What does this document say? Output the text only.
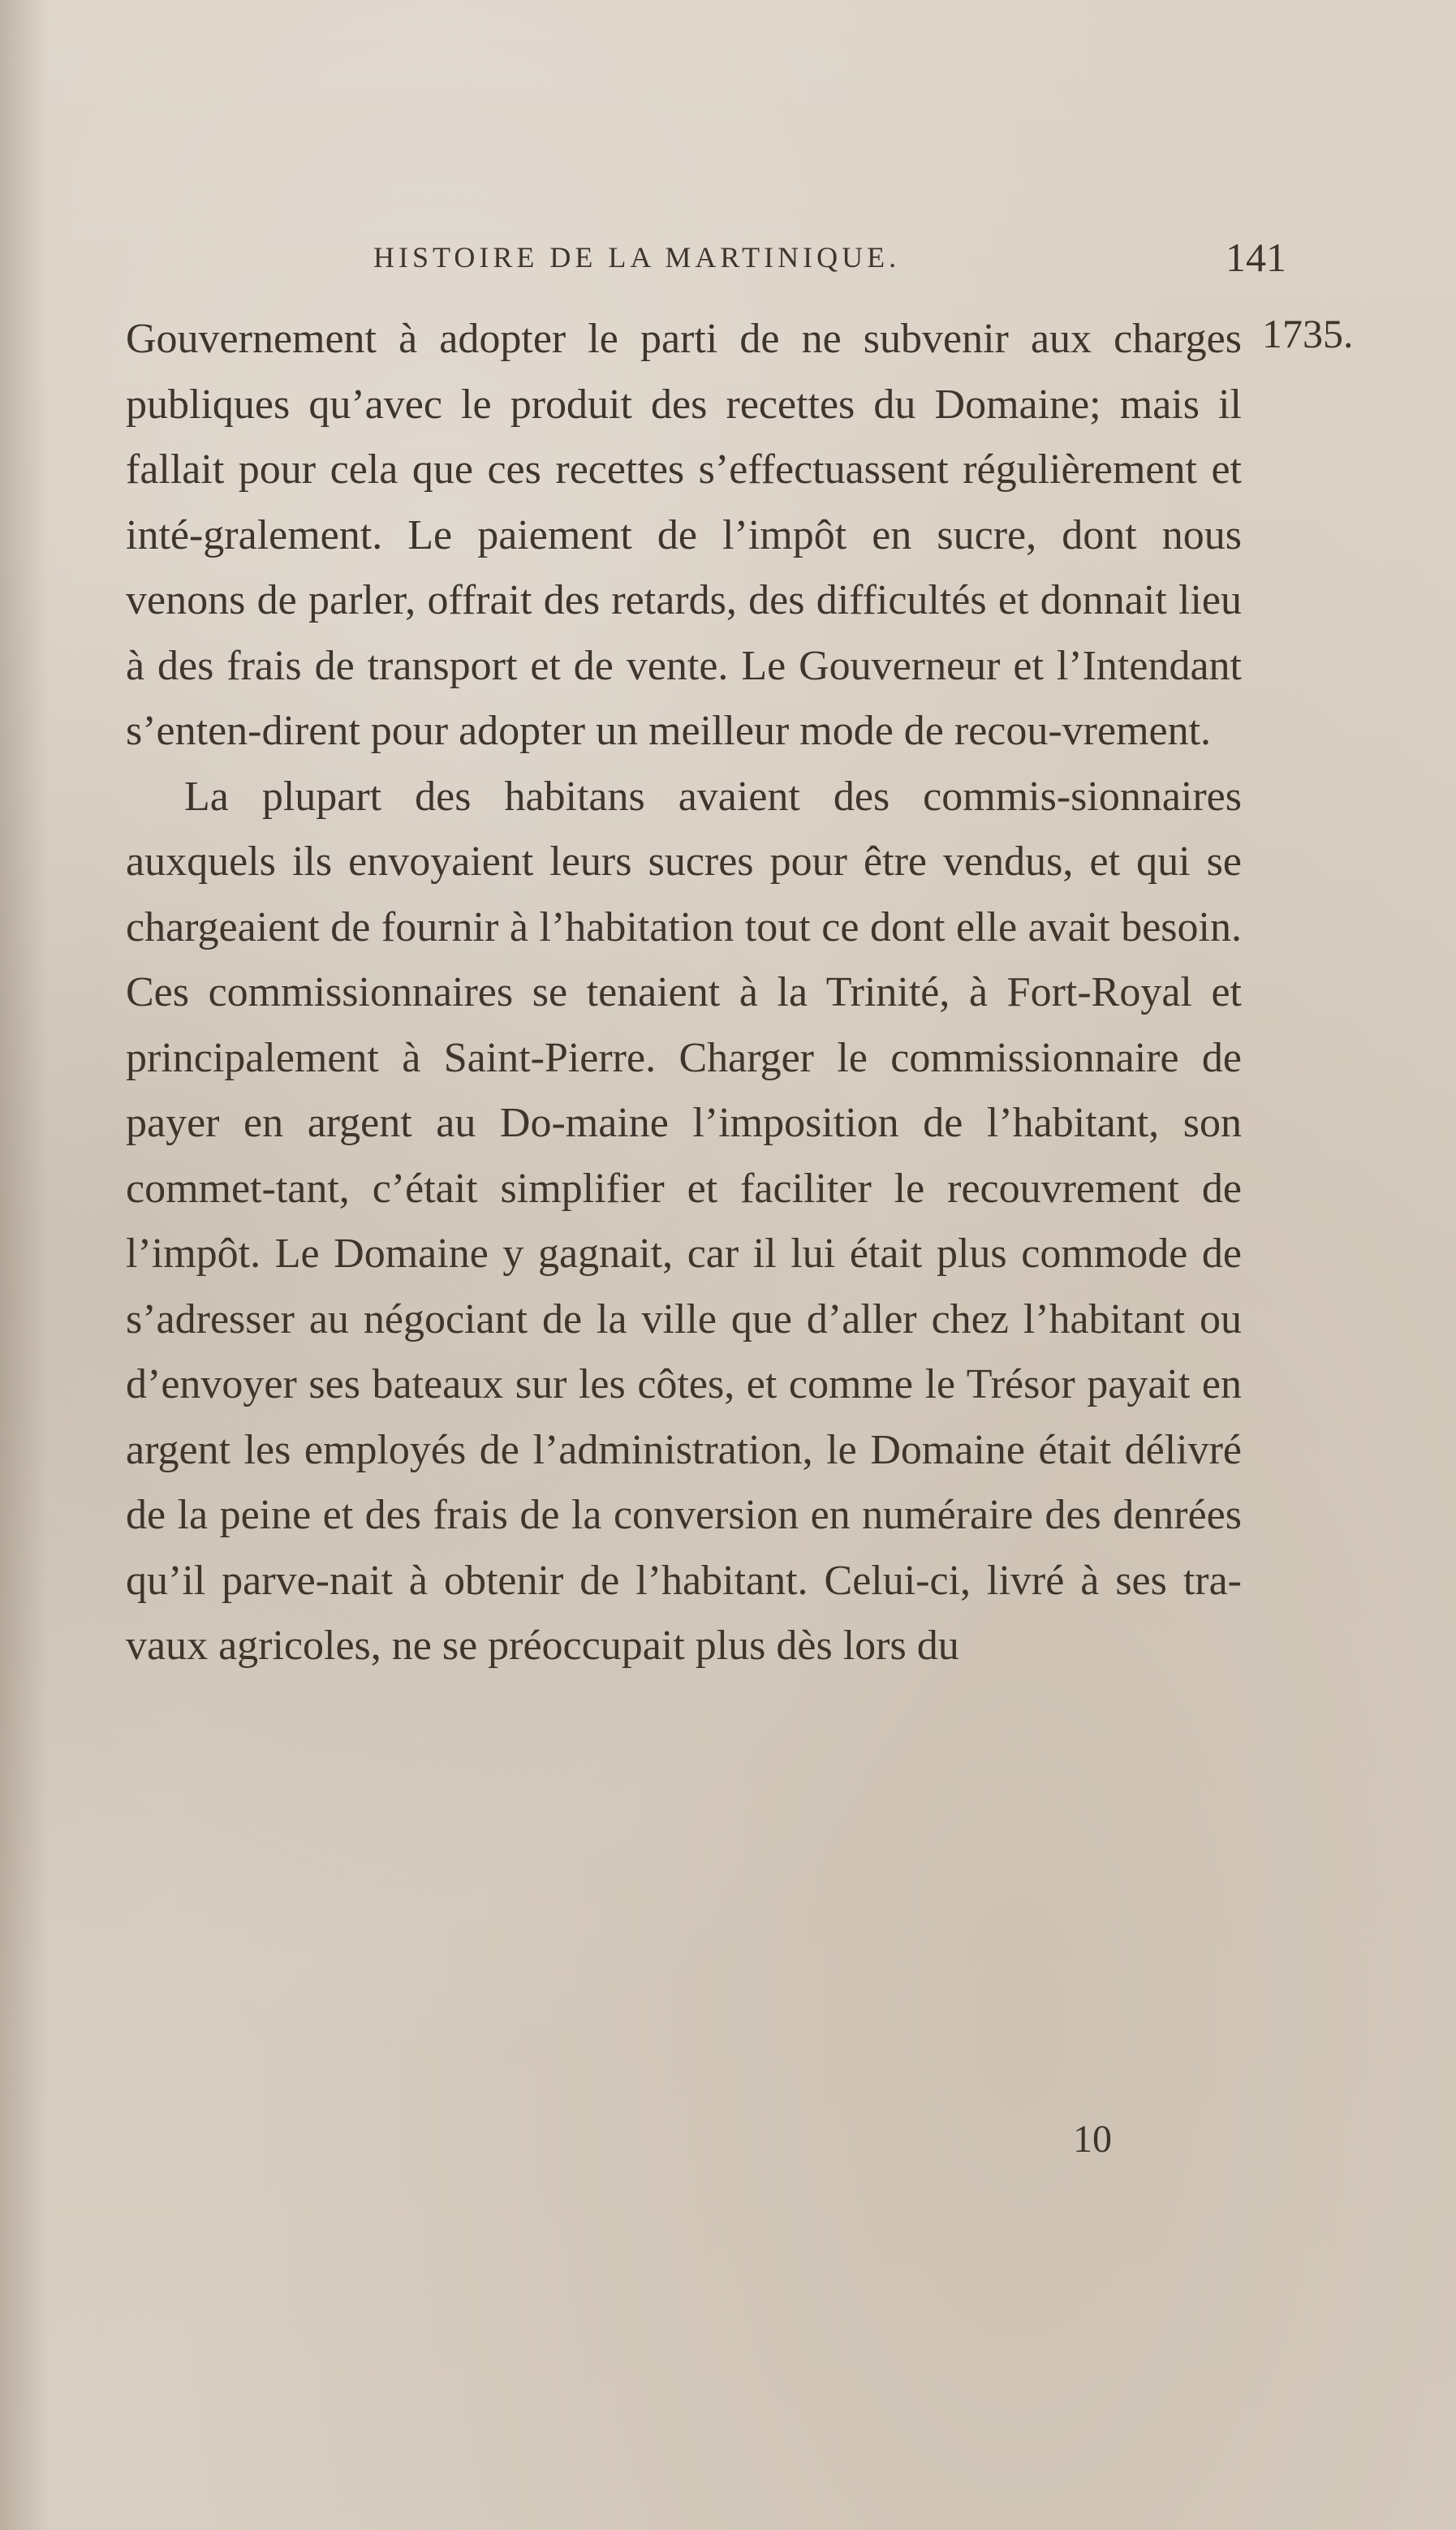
HISTOIRE DE LA MARTINIQUE.	141
1735.

Gouvernement à adopter le parti de ne subvenir aux charges publiques qu’avec le produit des recettes du Domaine; mais il fallait pour cela que ces recettes s’effectuassent régulièrement et inté-gralement. Le paiement de l’impôt en sucre, dont nous venons de parler, offrait des retards, des difficultés et donnait lieu à des frais de transport et de vente. Le Gouverneur et l’Intendant s’enten-dirent pour adopter un meilleur mode de recou-vrement.

La plupart des habitans avaient des commis-sionnaires auxquels ils envoyaient leurs sucres pour être vendus, et qui se chargeaient de fournir à l’habitation tout ce dont elle avait besoin. Ces commissionnaires se tenaient à la Trinité, à Fort-Royal et principalement à Saint-Pierre. Charger le commissionnaire de payer en argent au Do-maine l’imposition de l’habitant, son commet-tant, c’était simplifier et faciliter le recouvrement de l’impôt. Le Domaine y gagnait, car il lui était plus commode de s’adresser au négociant de la ville que d’aller chez l’habitant ou d’envoyer ses bateaux sur les côtes, et comme le Trésor payait en argent les employés de l’administration, le Domaine était délivré de la peine et des frais de la conversion en numéraire des denrées qu’il parve-nait à obtenir de l’habitant. Celui-ci, livré à ses tra-vaux agricoles, ne se préoccupait plus dès lors du

10
